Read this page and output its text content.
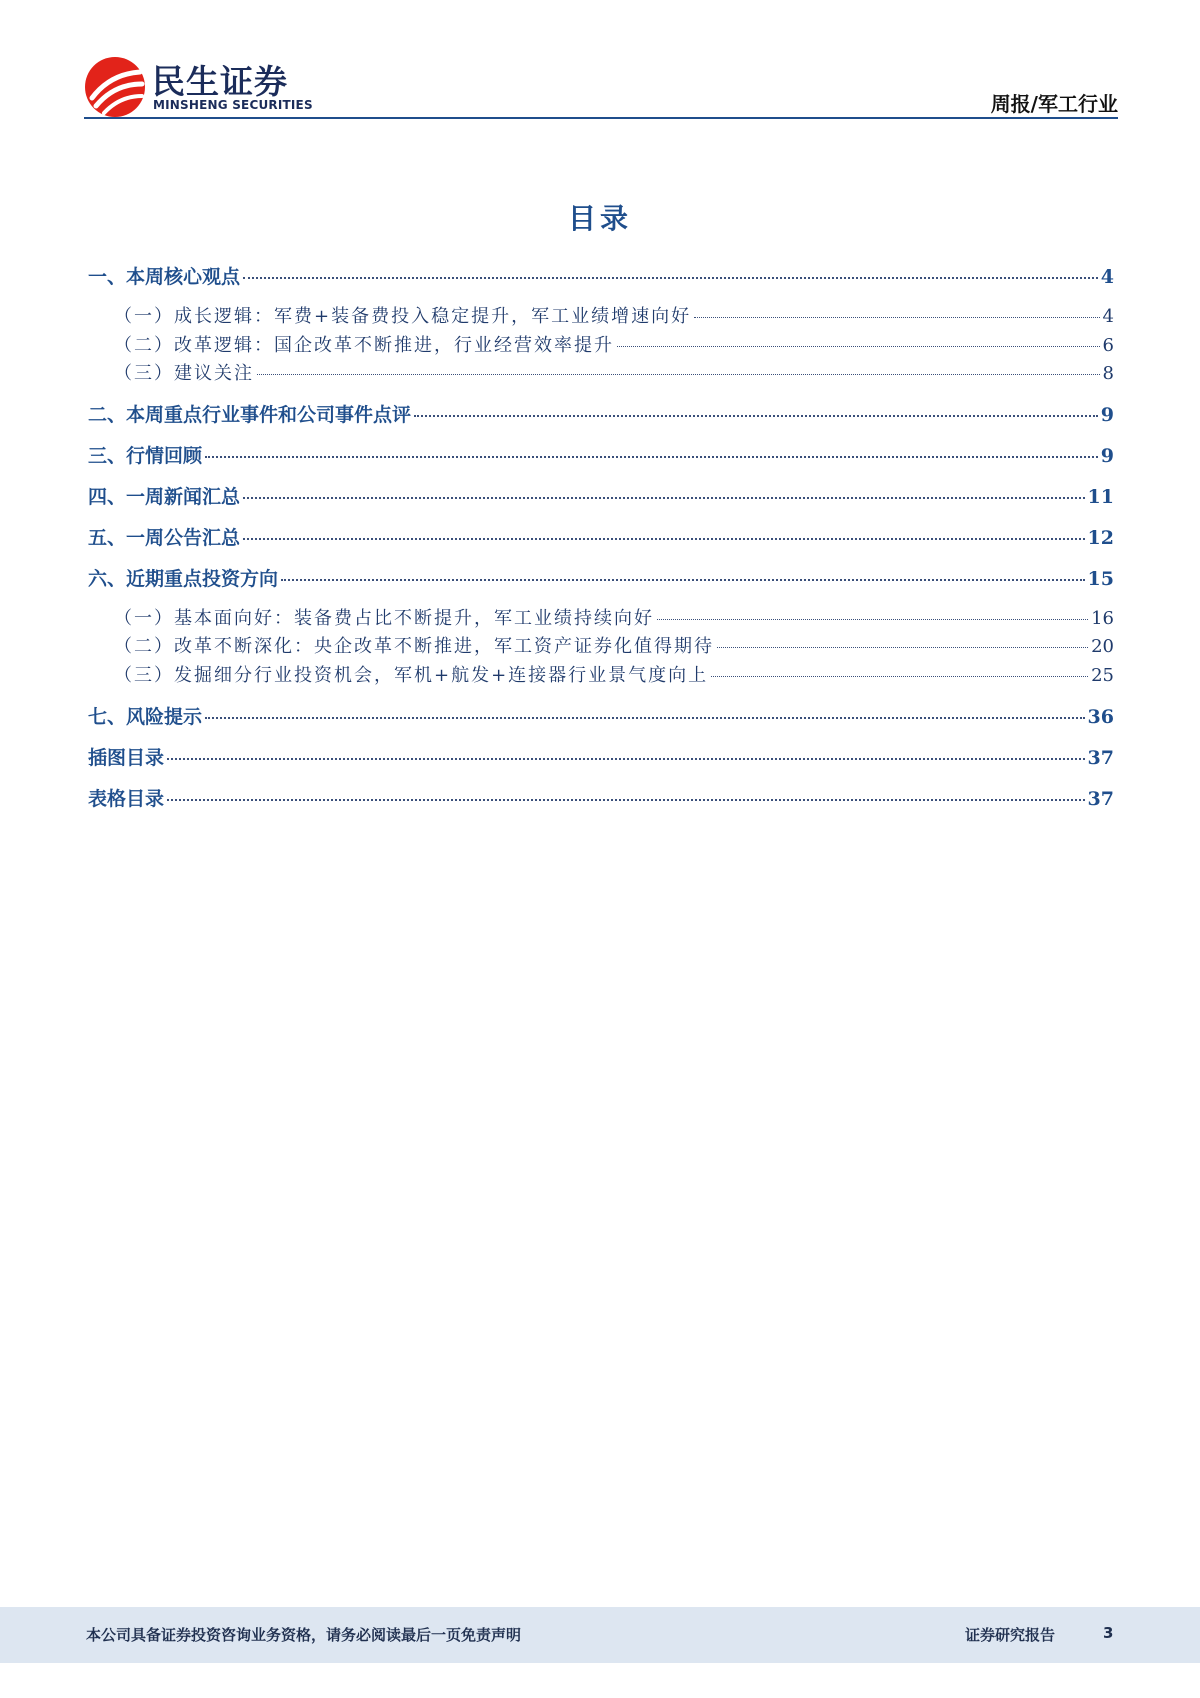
民生证券
MINSHENG SECURITIES	周报/军工行业
目录
一、本周核心观点	4
（一）成长逻辑：军费+装备费投入稳定提升，军工业绩增速向好	4
（二）改革逻辑：国企改革不断推进，行业经营效率提升	6
（三）建议关注	8
二、本周重点行业事件和公司事件点评	9
三、行情回顾	9
四、一周新闻汇总	11
五、一周公告汇总	12
六、近期重点投资方向	15
（一）基本面向好：装备费占比不断提升，军工业绩持续向好	16
（二）改革不断深化：央企改革不断推进，军工资产证券化值得期待	20
（三）发掘细分行业投资机会，军机+航发+连接器行业景气度向上	25
七、风险提示	36
插图目录	37
表格目录	37
本公司具备证券投资咨询业务资格，请务必阅读最后一页免责声明	证券研究报告	3
